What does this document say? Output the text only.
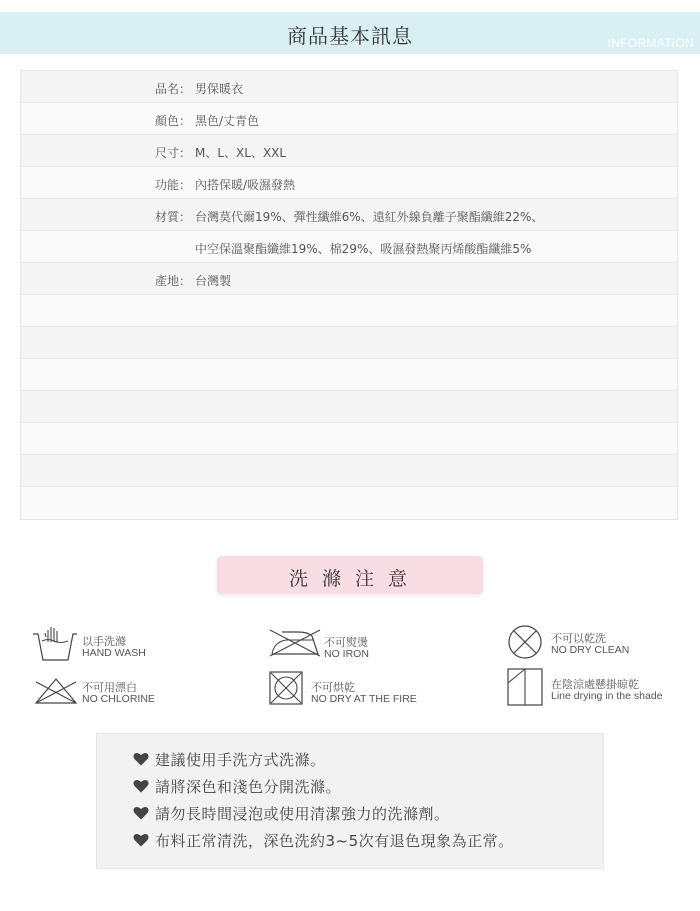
商品基本訊息	INFORMATION
品名： 男保暖衣
顏色： 黑色/丈青色
尺寸： M、L、XL、XXL
功能： 內搭保暖/吸濕發熱
材質： 台灣莫代爾19%、彈性纖維6%、遠紅外線負離子聚酯纖維22%、
中空保溫聚酯纖維19%、棉29%、吸濕發熱聚丙烯酸酯纖維5%
產地： 台灣製
洗 滌 注 意
以手洗滌
HAND WASH
不可熨燙
NO IRON
不可以乾洗
NO DRY CLEAN
不可用漂白
NO CHLORINE
不可烘乾
NO DRY AT THE FIRE
在陰涼處懸掛晾乾
Line drying in the shade
建議使用手洗方式洗滌。
請將深色和淺色分開洗滌。
請勿長時間浸泡或使用清潔強力的洗滌劑。
布料正常清洗，深色洗約3~5次有退色現象為正常。
